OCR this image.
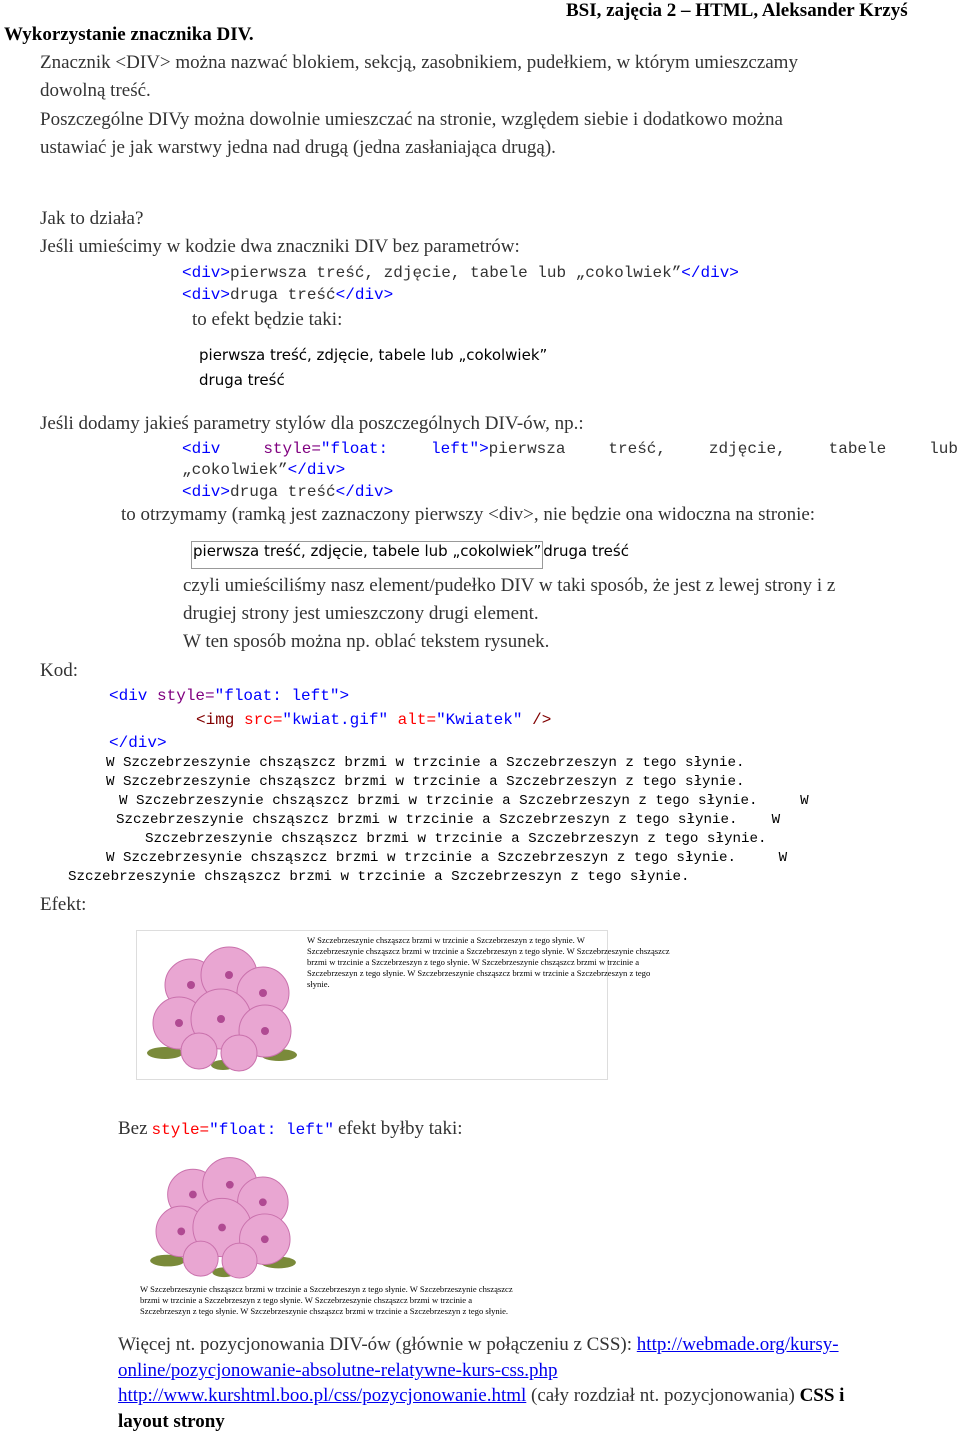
BSI, zajęcia 2 – HTML, Aleksander Krzyś
Wykorzystanie znacznika DIV.
Znacznik <DIV> można nazwać blokiem, sekcją, zasobnikiem, pudełkiem, w którym umieszczamy
dowolną treść.
Poszczególne DIVy można dowolnie umieszczać na stronie, względem siebie i dodatkowo można
ustawiać je jak warstwy jedna nad drugą (jedna zasłaniająca drugą).
Jak to działa?
Jeśli umieścimy w kodzie dwa znaczniki DIV bez parametrów:
<div>pierwsza treść, zdjęcie, tabele lub „cokolwiek”</div>
<div>druga treść</div>
to efekt będzie taki:
pierwsza treść, zdjęcie, tabele lub „cokolwiek”
druga treść
Jeśli dodamy jakieś parametry stylów dla poszczególnych DIV-ów, np.:
<div	style="float:	left">pierwsza	treść,	zdjęcie,	tabele	lub
„cokolwiek”</div>
<div>druga treść</div>
to otrzymamy (ramką jest zaznaczony pierwszy <div>, nie będzie ona widoczna na stronie:
pierwsza treść, zdjęcie, tabele lub „cokolwiek” druga treść
czyli umieściliśmy nasz element/pudełko DIV w taki sposób, że jest z lewej strony i z
drugiej strony jest umieszczony drugi element.
W ten sposób można np. oblać tekstem rysunek.
Kod:
<div style="float: left">
<img src="kwiat.gif" alt="Kwiatek" />
</div>
W Szczebrzeszynie chsząszcz brzmi w trzcinie a Szczebrzeszyn z tego słynie.
W Szczebrzeszynie chsząszcz brzmi w trzcinie a Szczebrzeszyn z tego słynie.
W Szczebrzeszynie chsząszcz brzmi w trzcinie a Szczebrzeszyn z tego słynie.     W
Szczebrzeszynie chsząszcz brzmi w trzcinie a Szczebrzeszyn z tego słynie.    W
Szczebrzeszynie chsząszcz brzmi w trzcinie a Szczebrzeszyn z tego słynie.
W Szczebrzesynie chsząszcz brzmi w trzcinie a Szczebrzeszyn z tego słynie.     W
Szczebrzeszynie chsząszcz brzmi w trzcinie a Szczebrzeszyn z tego słynie.
Efekt:
W Szczebrzeszynie chsząszcz brzmi w trzcinie a Szczebrzeszyn z tego słynie. W
Szczebrzeszynie chsząszcz brzmi w trzcinie a Szczebrzeszyn z tego słynie. W Szczebrzeszynie chsząszcz
brzmi w trzcinie a Szczebrzeszyn z tego słynie. W Szczebrzeszynie chsząszcz brzmi w trzcinie a
Szczebrzeszyn z tego słynie. W Szczebrzeszynie chsząszcz brzmi w trzcinie a Szczebrzeszyn z tego
słynie.
Bez style="float: left" efekt byłby taki:
W Szczebrzeszynie chsząszcz brzmi w trzcinie a Szczebrzeszyn z tego słynie. W Szczebrzeszynie chsząszcz
brzmi w trzcinie a Szczebrzeszyn z tego słynie. W Szczebrzeszynie chsząszcz brzmi w trzcinie a
Szczebrzeszyn z tego słynie. W Szczebrzeszynie chsząszcz brzmi w trzcinie a Szczebrzeszyn z tego słynie.
Więcej nt. pozycjonowania DIV-ów (głównie w połączeniu z CSS): http://webmade.org/kursy-
online/pozycjonowanie-absolutne-relatywne-kurs-css.php
http://www.kurshtml.boo.pl/css/pozycjonowanie.html (cały rozdział nt. pozycjonowania) CSS i
layout strony
